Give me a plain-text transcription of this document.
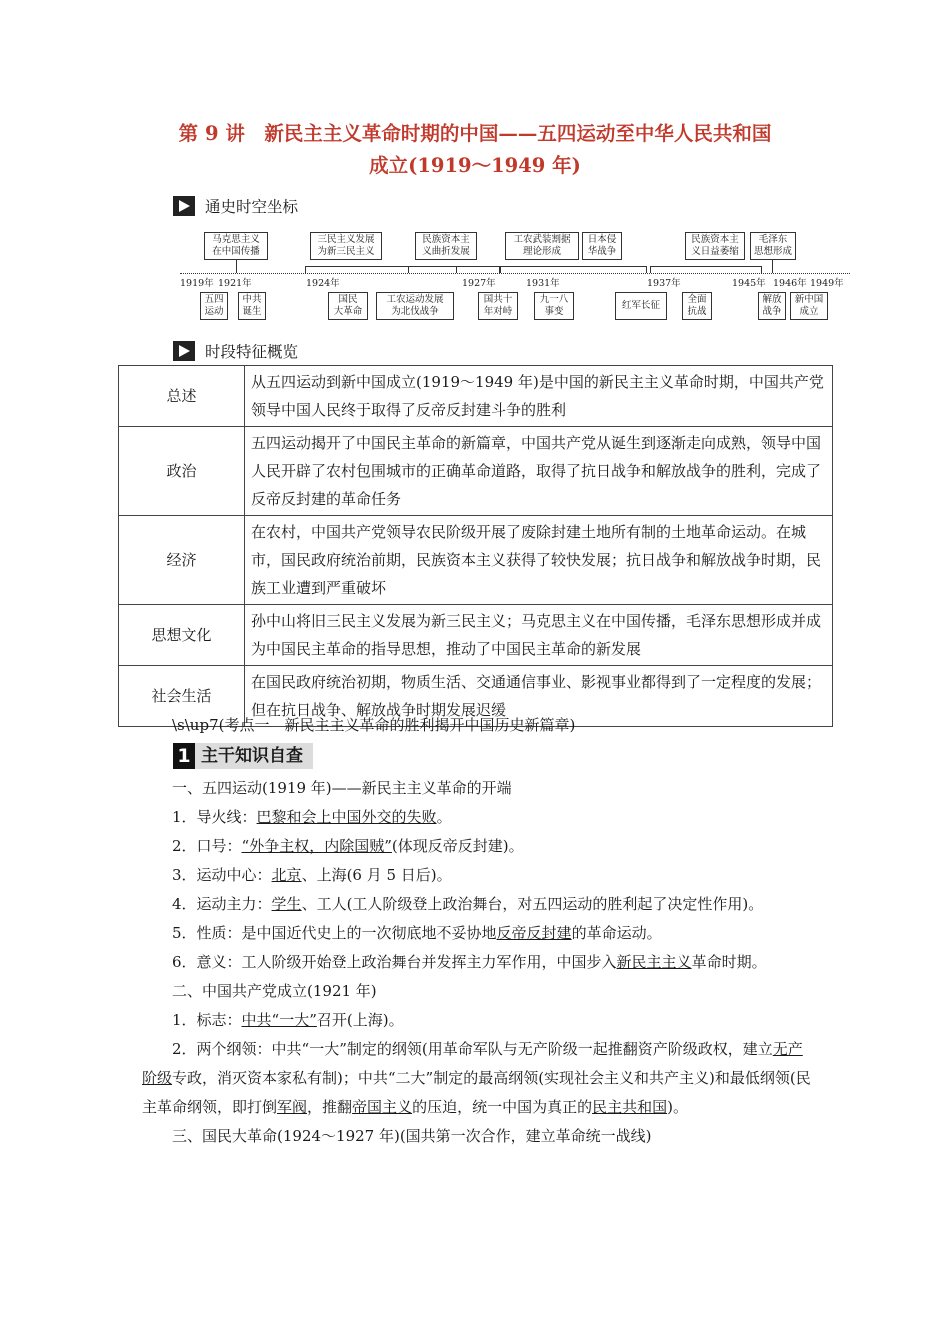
第 9 讲　新民主主义革命时期的中国——五四运动至中华人民共和国
成立(1919～1949 年)
通史时空坐标
马克思主义
在中国传播
三民主义发展
为新三民主义
民族资本主
义曲折发展
工农武装割据
理论形成
日本侵
华战争
民族资本主
义日益萎缩
毛泽东
思想形成
1919年 1921年	1924年	1927年	1931年	1937年	1945年 1946年 1949年
五四
运动
中共
诞生
国民
大革命
工农运动发展
为北伐战争
国共十
年对峙
九一八
事变
红军长征
全面
抗战
解放
战争
新中国
成立
时段特征概览
总述	从五四运动到新中国成立(1919～1949 年)是中国的新民主主义革命时期，中国共产党领导中国人民终于取得了反帝反封建斗争的胜利
政治	五四运动揭开了中国民主革命的新篇章，中国共产党从诞生到逐渐走向成熟，领导中国人民开辟了农村包围城市的正确革命道路，取得了抗日战争和解放战争的胜利，完成了反帝反封建的革命任务
经济	在农村，中国共产党领导农民阶级开展了废除封建土地所有制的土地革命运动。在城市，国民政府统治前期，民族资本主义获得了较快发展；抗日战争和解放战争时期，民族工业遭到严重破坏
思想文化	孙中山将旧三民主义发展为新三民主义；马克思主义在中国传播，毛泽东思想形成并成为中国民主革命的指导思想，推动了中国民主革命的新发展
社会生活	在国民政府统治初期，物质生活、交通通信事业、影视事业都得到了一定程度的发展；但在抗日战争、解放战争时期发展迟缓
\s\up7(考点一　新民主主义革命的胜利揭开中国历史新篇章)
1 主干知识自查

一、五四运动(1919 年)——新民主主义革命的开端

1．导火线：巴黎和会上中国外交的失败。

2．口号：“外争主权，内除国贼”(体现反帝反封建)。

3．运动中心：北京、上海(6 月 5 日后)。

4．运动主力：学生、工人(工人阶级登上政治舞台，对五四运动的胜利起了决定性作用)。

5．性质：是中国近代史上的一次彻底地不妥协地反帝反封建的革命运动。

6．意义：工人阶级开始登上政治舞台并发挥主力军作用，中国步入新民主主义革命时期。

二、中国共产党成立(1921 年)

1．标志：中共“一大”召开(上海)。

2．两个纲领：中共“一大”制定的纲领(用革命军队与无产阶级一起推翻资产阶级政权，建立无产阶级专政，消灭资本家私有制)；中共“二大”制定的最高纲领(实现社会主义和共产主义)和最低纲领(民主革命纲领，即打倒军阀，推翻帝国主义的压迫，统一中国为真正的民主共和国)。

三、国民大革命(1924～1927 年)(国共第一次合作，建立革命统一战线)
